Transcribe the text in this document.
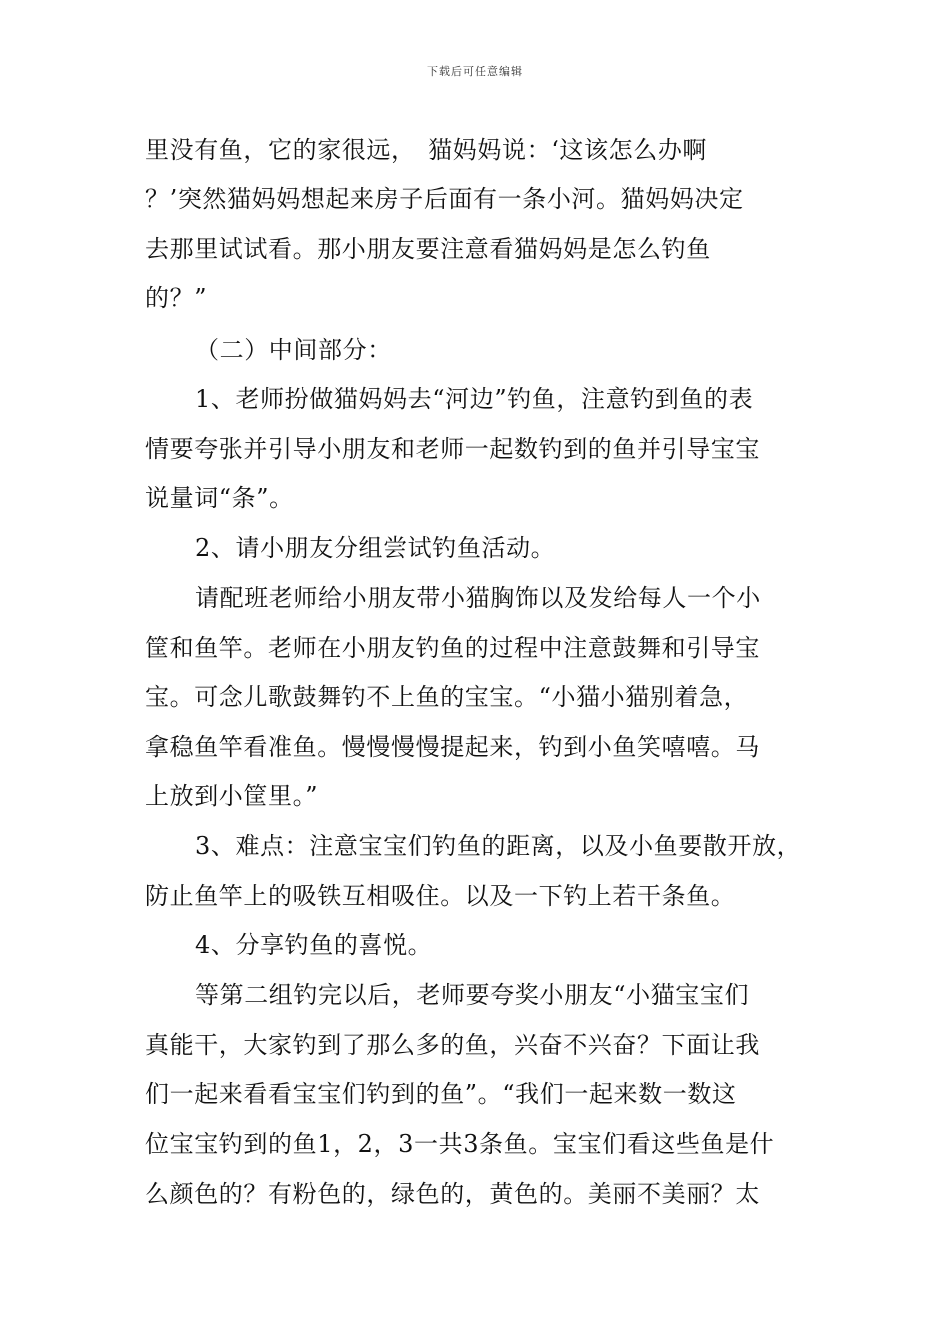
下载后可任意编辑
里没有鱼，它的家很远，　猫妈妈说：‘这该怎么办啊
？’突然猫妈妈想起来房子后面有一条小河。猫妈妈决定
去那里试试看。那小朋友要注意看猫妈妈是怎么钓鱼
的？”
（二）中间部分：
1、老师扮做猫妈妈去“河边”钓鱼，注意钓到鱼的表
情要夸张并引导小朋友和老师一起数钓到的鱼并引导宝宝
说量词“条”。
2、请小朋友分组尝试钓鱼活动。
请配班老师给小朋友带小猫胸饰以及发给每人一个小
筐和鱼竿。老师在小朋友钓鱼的过程中注意鼓舞和引导宝
宝。可念儿歌鼓舞钓不上鱼的宝宝。“小猫小猫别着急，
拿稳鱼竿看准鱼。慢慢慢慢提起来，钓到小鱼笑嘻嘻。马
上放到小筐里。”
3、难点：注意宝宝们钓鱼的距离，以及小鱼要散开放，
防止鱼竿上的吸铁互相吸住。以及一下钓上若干条鱼。
4、分享钓鱼的喜悦。
等第二组钓完以后，老师要夸奖小朋友“小猫宝宝们
真能干，大家钓到了那么多的鱼，兴奋不兴奋？下面让我
们一起来看看宝宝们钓到的鱼”。“我们一起来数一数这
位宝宝钓到的鱼1，2，3一共3条鱼。宝宝们看这些鱼是什
么颜色的？有粉色的，绿色的，黄色的。美丽不美丽？太
